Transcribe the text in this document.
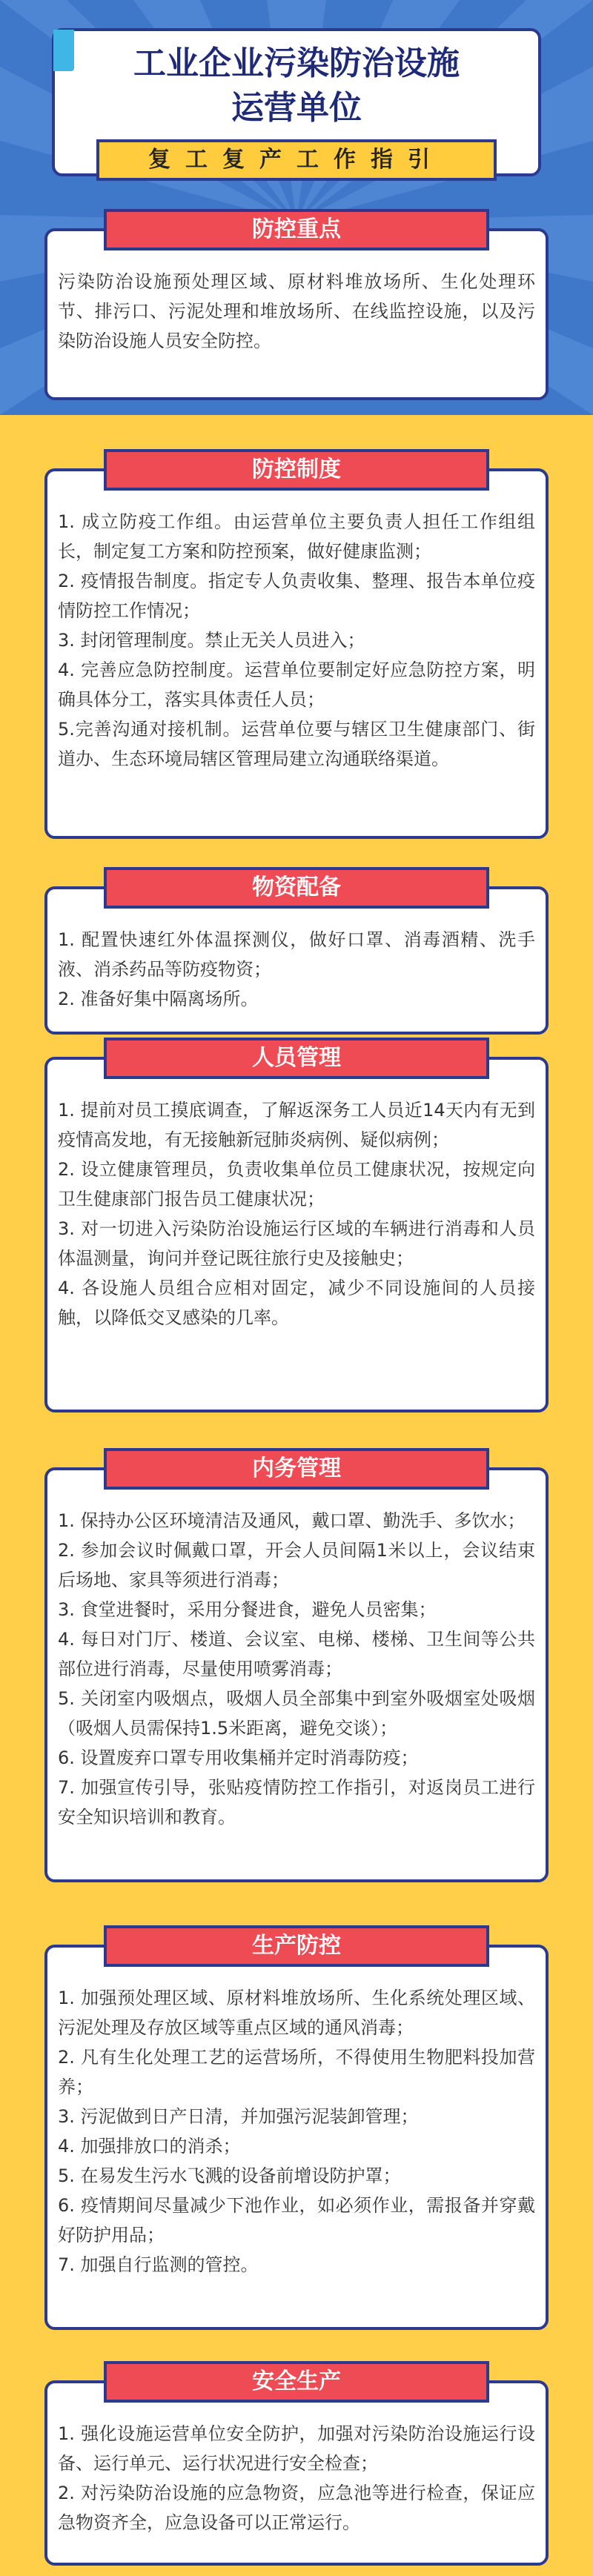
工业企业污染防治设施
运营单位
复工复产工作指引

污染防治设施预处理区域、原材料堆放场所、生化处理环节、排污口、污泥处理和堆放场所、在线监控设施，以及污染防治设施人员安全防控。

防控重点

1. 成立防疫工作组。由运营单位主要负责人担任工作组组长，制定复工方案和防控预案，做好健康监测；

2. 疫情报告制度。指定专人负责收集、整理、报告本单位疫情防控工作情况；

3. 封闭管理制度。禁止无关人员进入；

4. 完善应急防控制度。运营单位要制定好应急防控方案，明确具体分工，落实具体责任人员；

5.完善沟通对接机制。运营单位要与辖区卫生健康部门、街道办、生态环境局辖区管理局建立沟通联络渠道。

防控制度

1. 配置快速红外体温探测仪，做好口罩、消毒酒精、洗手液、消杀药品等防疫物资；

2. 准备好集中隔离场所。

物资配备

1. 提前对员工摸底调查，了解返深务工人员近14天内有无到疫情高发地，有无接触新冠肺炎病例、疑似病例；

2. 设立健康管理员，负责收集单位员工健康状况，按规定向卫生健康部门报告员工健康状况；

3. 对一切进入污染防治设施运行区域的车辆进行消毒和人员体温测量，询问并登记既往旅行史及接触史；

4. 各设施人员组合应相对固定，减少不同设施间的人员接触，以降低交叉感染的几率。

人员管理

1. 保持办公区环境清洁及通风，戴口罩、勤洗手、多饮水；

2. 参加会议时佩戴口罩，开会人员间隔1米以上，会议结束后场地、家具等须进行消毒；

3. 食堂进餐时，采用分餐进食，避免人员密集；

4. 每日对门厅、楼道、会议室、电梯、楼梯、卫生间等公共部位进行消毒，尽量使用喷雾消毒；

5. 关闭室内吸烟点，吸烟人员全部集中到室外吸烟室处吸烟（吸烟人员需保持1.5米距离，避免交谈）；

6. 设置废弃口罩专用收集桶并定时消毒防疫；

7. 加强宣传引导，张贴疫情防控工作指引，对返岗员工进行安全知识培训和教育。

内务管理

1. 加强预处理区域、原材料堆放场所、生化系统处理区域、污泥处理及存放区域等重点区域的通风消毒；

2. 凡有生化处理工艺的运营场所，不得使用生物肥料投加营养；

3. 污泥做到日产日清，并加强污泥装卸管理；

4. 加强排放口的消杀；

5. 在易发生污水飞溅的设备前增设防护罩；

6. 疫情期间尽量减少下池作业，如必须作业，需报备并穿戴好防护用品；

7. 加强自行监测的管控。

生产防控

1. 强化设施运营单位安全防护，加强对污染防治设施运行设备、运行单元、运行状况进行安全检查；

2. 对污染防治设施的应急物资，应急池等进行检查，保证应急物资齐全，应急设备可以正常运行。

安全生产
